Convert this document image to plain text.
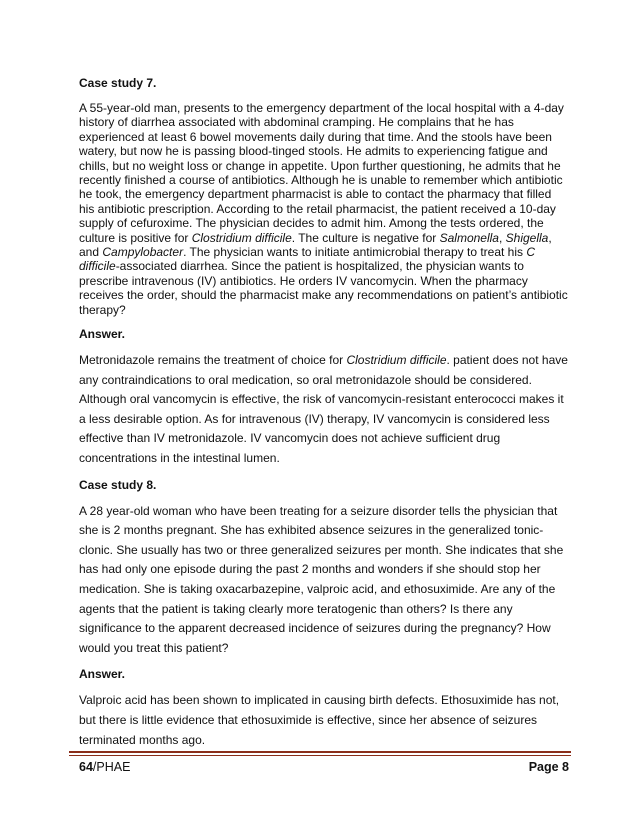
Case study 7.

A 55-year-old man, presents to the emergency department of the local hospital with a 4-day history of diarrhea associated with abdominal cramping. He complains that he has experienced at least 6 bowel movements daily during that time. And the stools have been watery, but now he is passing blood-tinged stools. He admits to experiencing fatigue and chills, but no weight loss or change in appetite. Upon further questioning, he admits that he recently finished a course of antibiotics. Although he is unable to remember which antibiotic he took, the emergency department pharmacist is able to contact the pharmacy that filled his antibiotic prescription. According to the retail pharmacist, the patient received a 10-day supply of cefuroxime. The physician decides to admit him. Among the tests ordered, the culture is positive for Clostridium difficile. The culture is negative for Salmonella, Shigella, and Campylobacter. The physician wants to initiate antimicrobial therapy to treat his C difficile-associated diarrhea. Since the patient is hospitalized, the physician wants to prescribe intravenous (IV) antibiotics. He orders IV vancomycin. When the pharmacy receives the order, should the pharmacist make any recommendations on patient’s antibiotic therapy?

Answer.

Metronidazole remains the treatment of choice for Clostridium difficile. patient does not have any contraindications to oral medication, so oral metronidazole should be considered. Although oral vancomycin is effective, the risk of vancomycin-resistant enterococci makes it a less desirable option. As for intravenous (IV) therapy, IV vancomycin is considered less effective than IV metronidazole. IV vancomycin does not achieve sufficient drug concentrations in the intestinal lumen.

Case study 8.

A 28 year-old woman who have been treating for a seizure disorder tells the physician that she is 2 months pregnant. She has exhibited absence seizures in the generalized tonic-clonic. She usually has two or three generalized seizures per month. She indicates that she has had only one episode during the past 2 months and wonders if she should stop her medication. She is taking oxacarbazepine, valproic acid, and ethosuximide. Are any of the agents that the patient is taking clearly more teratogenic than others? Is there any significance to the apparent decreased incidence of seizures during the pregnancy? How would you treat this patient?

Answer.

Valproic acid has been shown to implicated in causing birth defects. Ethosuximide has not, but there is little evidence that ethosuximide is effective, since her absence of seizures terminated months ago.

64/PHAE	Page 8
